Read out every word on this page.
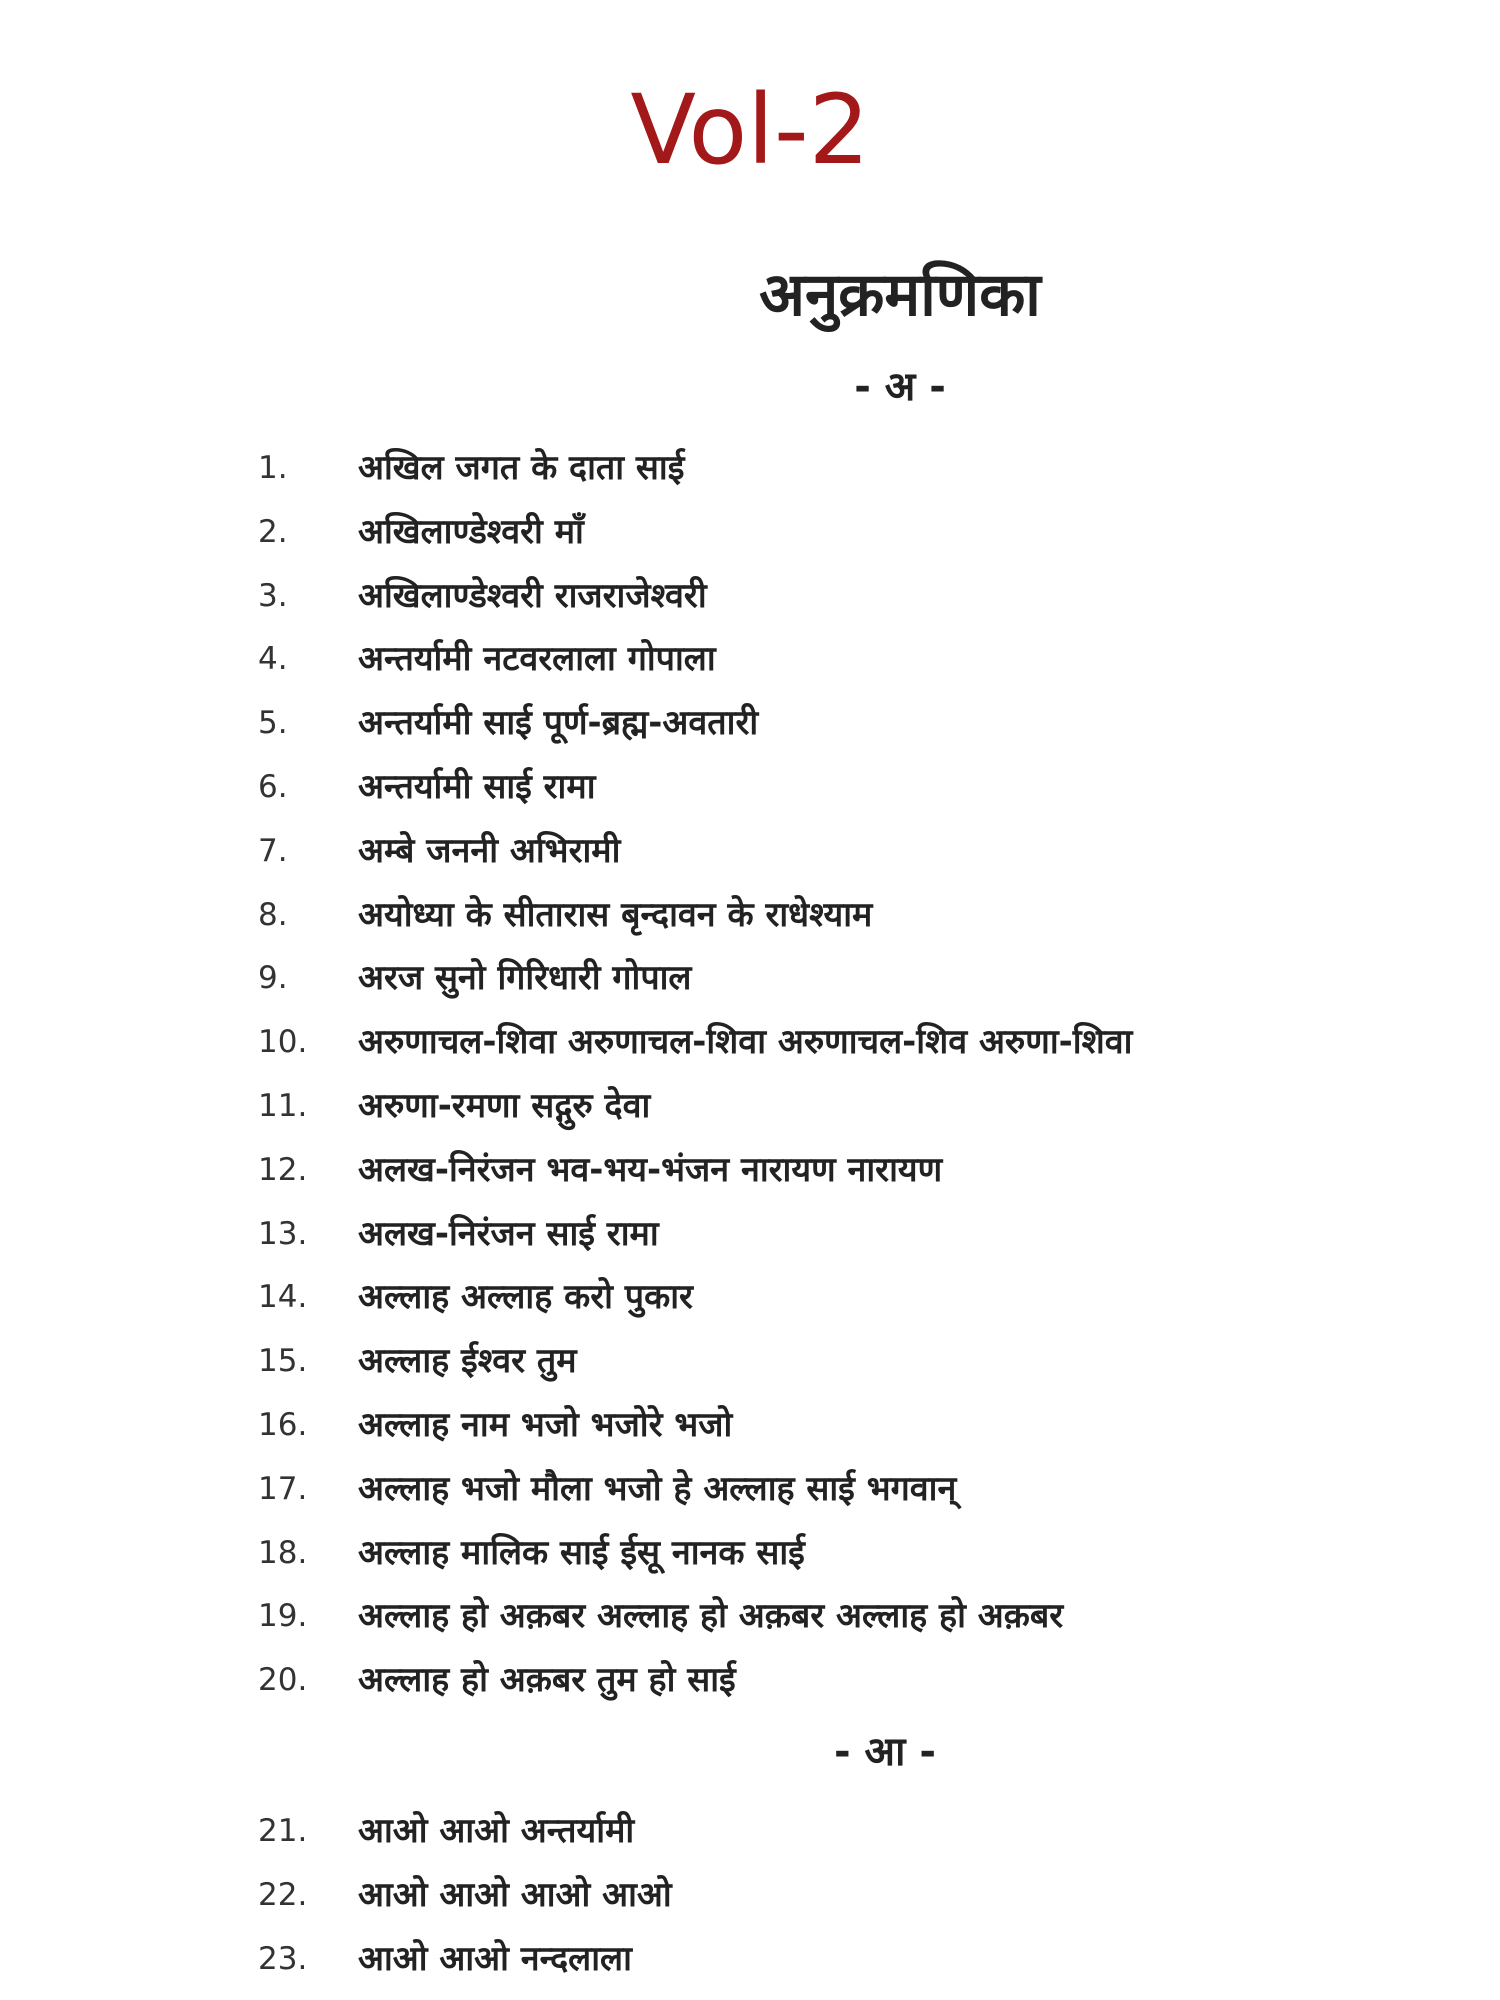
Vol-2
अनुक्रमणिका
- अ -
1. अखिल जगत के दाता साई
2. अखिलाण्डेश्वरी माँ
3. अखिलाण्डेश्वरी राजराजेश्वरी
4. अन्तर्यामी नटवरलाला गोपाला
5. अन्तर्यामी साई पूर्ण-ब्रह्म-अवतारी
6. अन्तर्यामी साई रामा
7. अम्बे जननी अभिरामी
8. अयोध्या के सीतारास बृन्दावन के राधेश्याम
9. अरज सुनो गिरिधारी गोपाल
10. अरुणाचल-शिवा अरुणाचल-शिवा अरुणाचल-शिव अरुणा-शिवा
11. अरुणा-रमणा सद्गुरु देवा
12. अलख-निरंजन भव-भय-भंजन नारायण नारायण
13. अलख-निरंजन साई रामा
14. अल्लाह अल्लाह करो पुकार
15. अल्लाह ईश्वर तुम
16. अल्लाह नाम भजो भजोरे भजो
17. अल्लाह भजो मौला भजो हे अल्लाह साई भगवान्
18. अल्लाह मालिक साई ईसू नानक साई
19. अल्लाह हो अक़बर अल्लाह हो अक़बर अल्लाह हो अक़बर
20. अल्लाह हो अक़बर तुम हो साई
- आ -
21. आओ आओ अन्तर्यामी
22. आओ आओ आओ आओ
23. आओ आओ नन्दलाला
